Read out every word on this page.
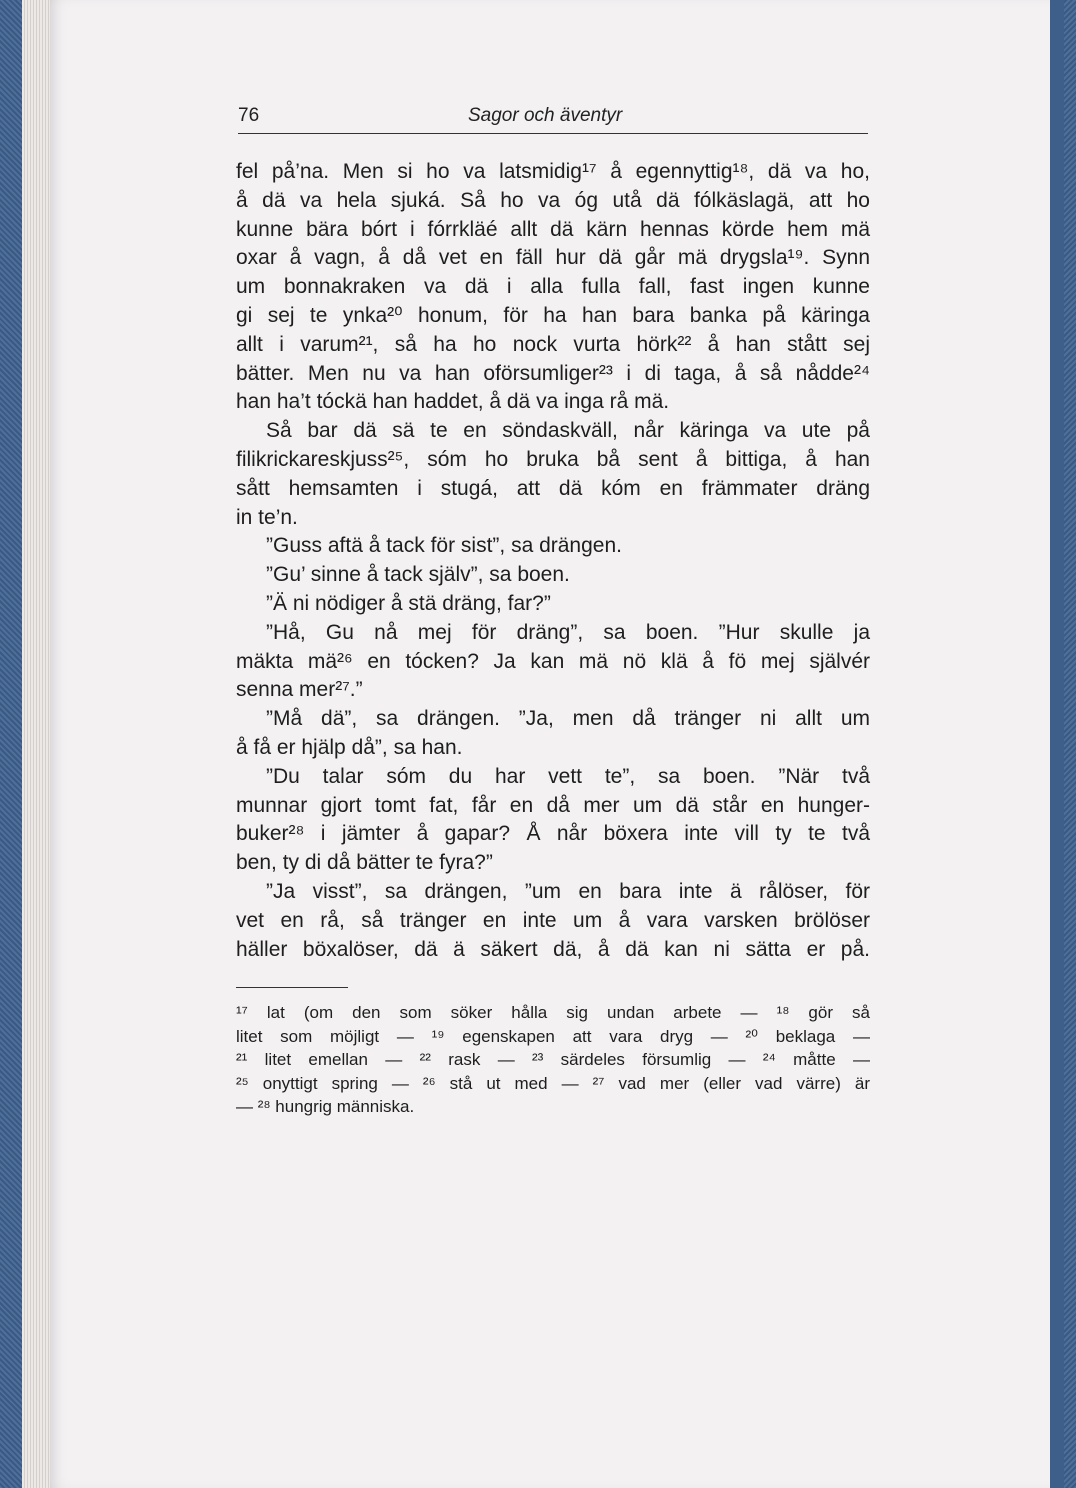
76	Sagor och äventyr
fel på’na. Men si ho va latsmidig¹⁷ å egennyttig¹⁸, dä va ho,
å dä va hela sjuká. Så ho va óg utå dä fólkäslagä, att ho
kunne bära bórt i fórrkläé allt dä kärn hennas körde hem mä
oxar å vagn, å då vet en fäll hur dä går mä drygsla¹⁹. Synn
um bonnakraken va dä i alla fulla fall, fast ingen kunne
gi sej te ynka²⁰ honum, för ha han bara banka på käringa
allt i varum²¹, så ha ho nock vurta hörk²² å han stått sej
bätter. Men nu va han oförsumliger²³ i di taga, å så nådde²⁴
han ha’t tóckä han haddet, å dä va inga rå mä.
Så bar dä sä te en söndaskväll, når käringa va ute på
filikrickareskjuss²⁵, sóm ho bruka bå sent å bittiga, å han
sått hemsamten i stugá, att dä kóm en främmater dräng
in te’n.
”Guss aftä å tack för sist”, sa drängen.
”Gu’ sinne å tack själv”, sa boen.
”Ä ni nödiger å stä dräng, far?”
”Hå, Gu nå mej för dräng”, sa boen. ”Hur skulle ja
mäkta mä²⁶ en tócken? Ja kan mä nö klä å fö mej självér
senna mer²⁷.”
”Må dä”, sa drängen. ”Ja, men då tränger ni allt um
å få er hjälp då”, sa han.
”Du talar sóm du har vett te”, sa boen. ”När två
munnar gjort tomt fat, får en då mer um dä står en hunger-
buker²⁸ i jämter å gapar? Å når böxera inte vill ty te två
ben, ty di då bätter te fyra?”
”Ja visst”, sa drängen, ”um en bara inte ä rålöser, för
vet en rå, så tränger en inte um å vara varsken brölöser
häller böxalöser, dä ä säkert dä, å dä kan ni sätta er på.
¹⁷ lat (om den som söker hålla sig undan arbete — ¹⁸ gör så
litet som möjligt — ¹⁹ egenskapen att vara dryg — ²⁰ beklaga —
²¹ litet emellan — ²² rask — ²³ särdeles försumlig — ²⁴ måtte —
²⁵ onyttigt spring — ²⁶ stå ut med — ²⁷ vad mer (eller vad värre) är
— ²⁸ hungrig människa.
